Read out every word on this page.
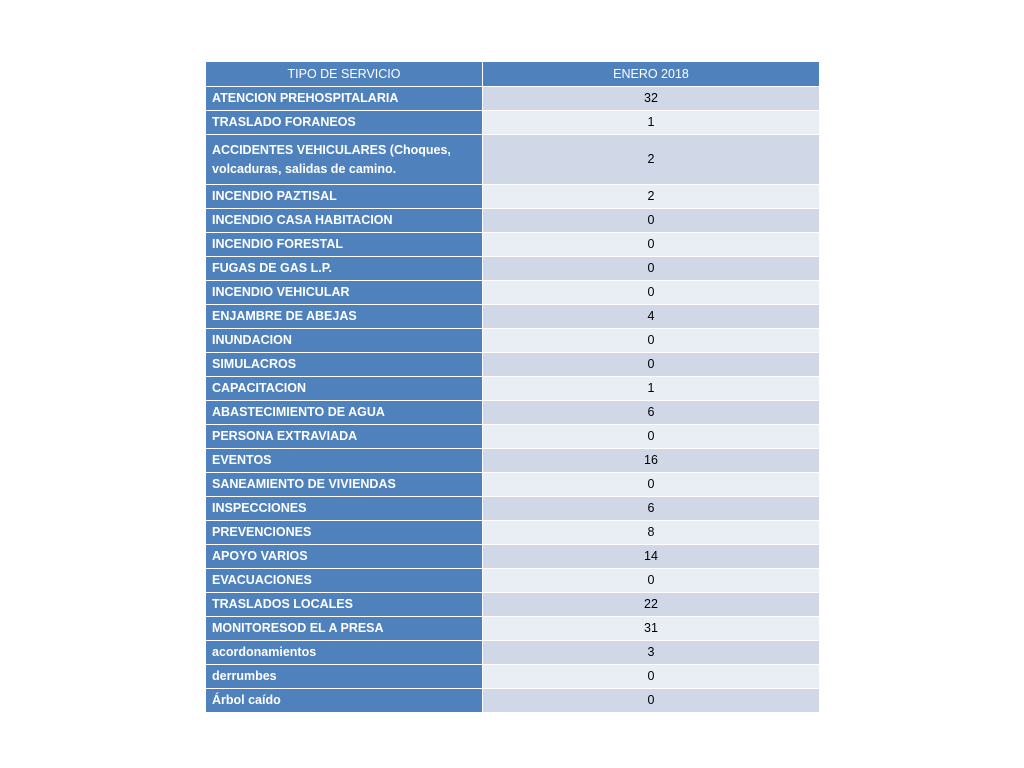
TIPO DE SERVICIO	ENERO 2018
ATENCION PREHOSPITALARIA	32
TRASLADO FORANEOS	1
ACCIDENTES VEHICULARES (Choques, volcaduras, salidas de camino.	2
INCENDIO PAZTISAL	2
INCENDIO CASA HABITACION	0
INCENDIO FORESTAL	0
FUGAS DE GAS L.P.	0
INCENDIO VEHICULAR	0
ENJAMBRE DE ABEJAS	4
INUNDACION	0
SIMULACROS	0
CAPACITACION	1
ABASTECIMIENTO DE AGUA	6
PERSONA EXTRAVIADA	0
EVENTOS	16
SANEAMIENTO DE VIVIENDAS	0
INSPECCIONES	6
PREVENCIONES	8
APOYO VARIOS	14
EVACUACIONES	0
TRASLADOS LOCALES	22
MONITORESOD EL A PRESA	31
acordonamientos	3
derrumbes	0
Árbol caído	0
